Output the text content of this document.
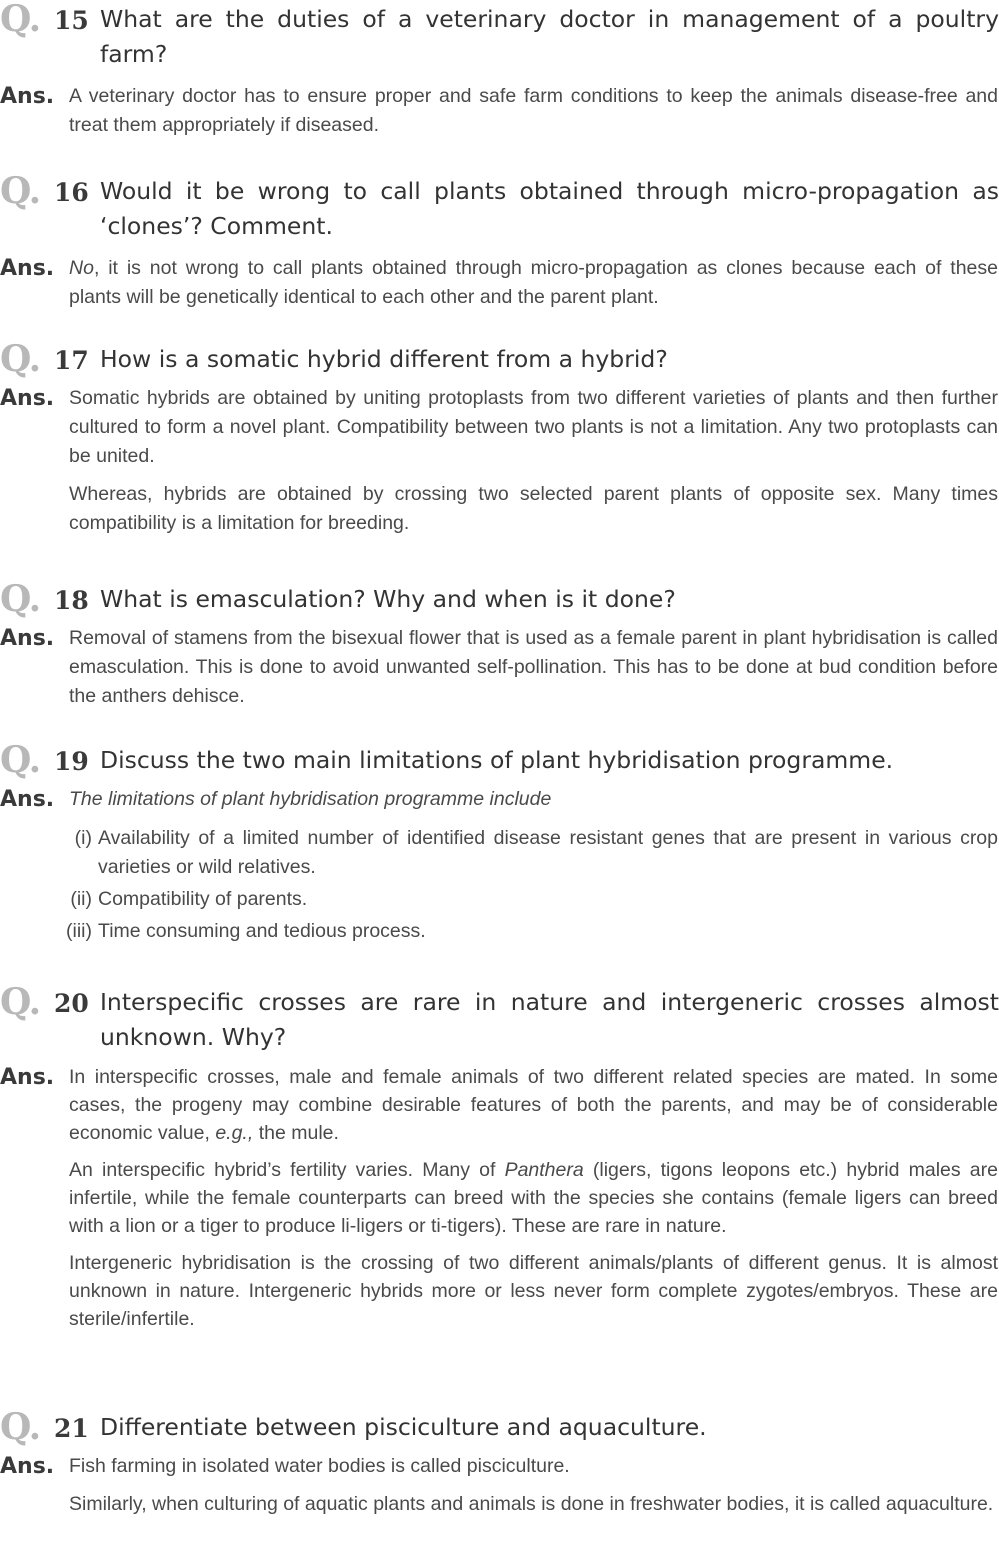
Q. 15 What are the duties of a veterinary doctor in management of a poultry farm?
Ans. A veterinary doctor has to ensure proper and safe farm conditions to keep the animals disease-free and treat them appropriately if diseased.

Q. 16 Would it be wrong to call plants obtained through micro-propagation as ‘clones’? Comment.
Ans. No, it is not wrong to call plants obtained through micro-propagation as clones because each of these plants will be genetically identical to each other and the parent plant.

Q. 17 How is a somatic hybrid different from a hybrid?
Ans. Somatic hybrids are obtained by uniting protoplasts from two different varieties of plants and then further cultured to form a novel plant. Compatibility between two plants is not a limitation. Any two protoplasts can be united.

Whereas, hybrids are obtained by crossing two selected parent plants of opposite sex. Many times compatibility is a limitation for breeding.

Q. 18 What is emasculation? Why and when is it done?
Ans. Removal of stamens from the bisexual flower that is used as a female parent in plant hybridisation is called emasculation. This is done to avoid unwanted self-pollination. This has to be done at bud condition before the anthers dehisce.

Q. 19 Discuss the two main limitations of plant hybridisation programme.
Ans. The limitations of plant hybridisation programme include

(i) Availability of a limited number of identified disease resistant genes that are present in various crop varieties or wild relatives.
(ii) Compatibility of parents.
(iii) Time consuming and tedious process.
Q. 20 Interspecific crosses are rare in nature and intergeneric crosses almost unknown. Why?
Ans. In interspecific crosses, male and female animals of two different related species are mated. In some cases, the progeny may combine desirable features of both the parents, and may be of considerable economic value, e.g., the mule.

An interspecific hybrid’s fertility varies. Many of Panthera (ligers, tigons leopons etc.) hybrid males are infertile, while the female counterparts can breed with the species she contains (female ligers can breed with a lion or a tiger to produce li-ligers or ti-tigers). These are rare in nature.

Intergeneric hybridisation is the crossing of two different animals/plants of different genus. It is almost unknown in nature. Intergeneric hybrids more or less never form complete zygotes/embryos. These are sterile/infertile.

Q. 21 Differentiate between pisciculture and aquaculture.
Ans. Fish farming in isolated water bodies is called pisciculture.

Similarly, when culturing of aquatic plants and animals is done in freshwater bodies, it is called aquaculture.
